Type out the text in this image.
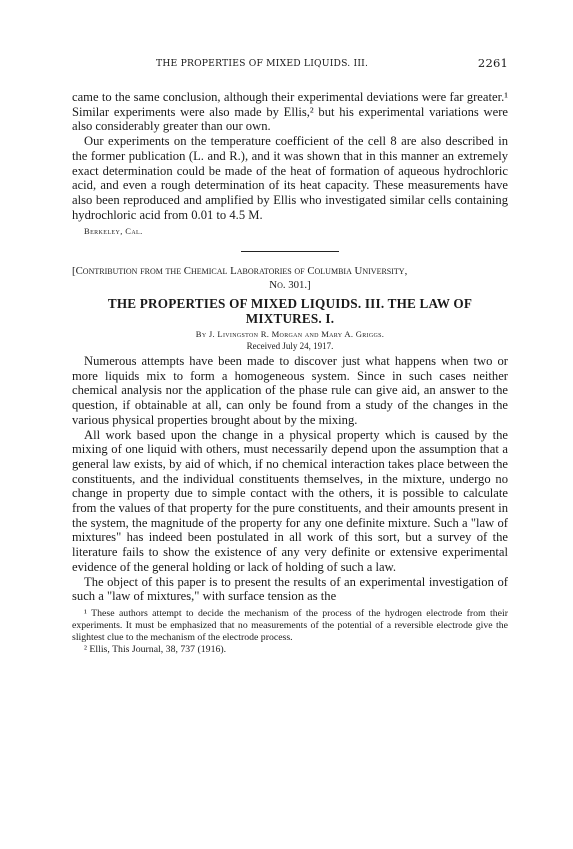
THE PROPERTIES OF MIXED LIQUIDS. III.	2261

came to the same conclusion, although their experimental deviations were far greater.¹ Similar experiments were also made by Ellis,² but his experimental variations were also considerably greater than our own.

Our experiments on the temperature coefficient of the cell 8 are also described in the former publication (L. and R.), and it was shown that in this manner an extremely exact determination could be made of the heat of formation of aqueous hydrochloric acid, and even a rough determination of its heat capacity. These measurements have also been reproduced and amplified by Ellis who investigated similar cells containing hydrochloric acid from 0.01 to 4.5 M.

Berkeley, Cal.
[Contribution from the Chemical Laboratories of Columbia University,
No. 301.]
THE PROPERTIES OF MIXED LIQUIDS. III. THE LAW OF
MIXTURES. I.
By J. Livingston R. Morgan and Mary A. Griggs.
Received July 24, 1917.

Numerous attempts have been made to discover just what happens when two or more liquids mix to form a homogeneous system. Since in such cases neither chemical analysis nor the application of the phase rule can give aid, an answer to the question, if obtainable at all, can only be found from a study of the changes in the various physical properties brought about by the mixing.

All work based upon the change in a physical property which is caused by the mixing of one liquid with others, must necessarily depend upon the assumption that a general law exists, by aid of which, if no chemical interaction takes place between the constituents, and the individual constituents themselves, in the mixture, undergo no change in property due to simple contact with the others, it is possible to calculate from the values of that property for the pure constituents, and their amounts present in the system, the magnitude of the property for any one definite mixture. Such a "law of mixtures" has indeed been postulated in all work of this sort, but a survey of the literature fails to show the existence of any very definite or extensive experimental evidence of the general holding or lack of holding of such a law.

The object of this paper is to present the results of an experimental investigation of such a "law of mixtures," with surface tension as the

¹ These authors attempt to decide the mechanism of the process of the hydrogen electrode from their experiments. It must be emphasized that no measurements of the potential of a reversible electrode give the slightest clue to the mechanism of the electrode process.

² Ellis, This Journal, 38, 737 (1916).
